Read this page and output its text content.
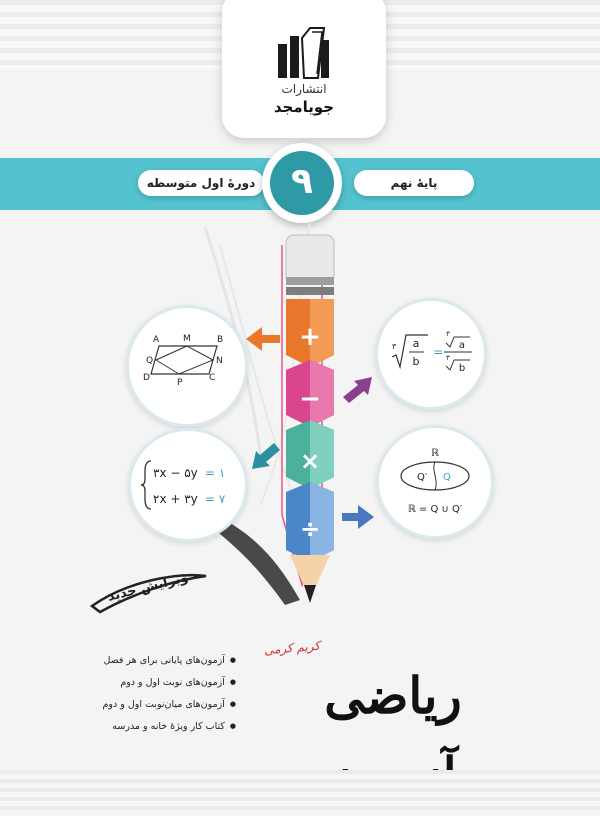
انتشارات
جویامجد
دورهٔ اول متوسطه	پایهٔ نهم
۹
+
−
×
÷
A	M	B
Q	N
D	P	C
۳ a
b
=
۳
a
۳
b
۳x − ۵y = ۱
۲x + ۳y = ۷
ℝ
Q′ Q
ℝ = Q ∪ Q′
ویرایش جدید
● آزمون‌های پایانی برای هر فصل
● آزمون‌های نوبت اول و دوم
● آزمون‌های میان‌نوبت اول و دوم
● کتاب کار ویژهٔ خانه و مدرسه
کریم کرمی
ریاضی
